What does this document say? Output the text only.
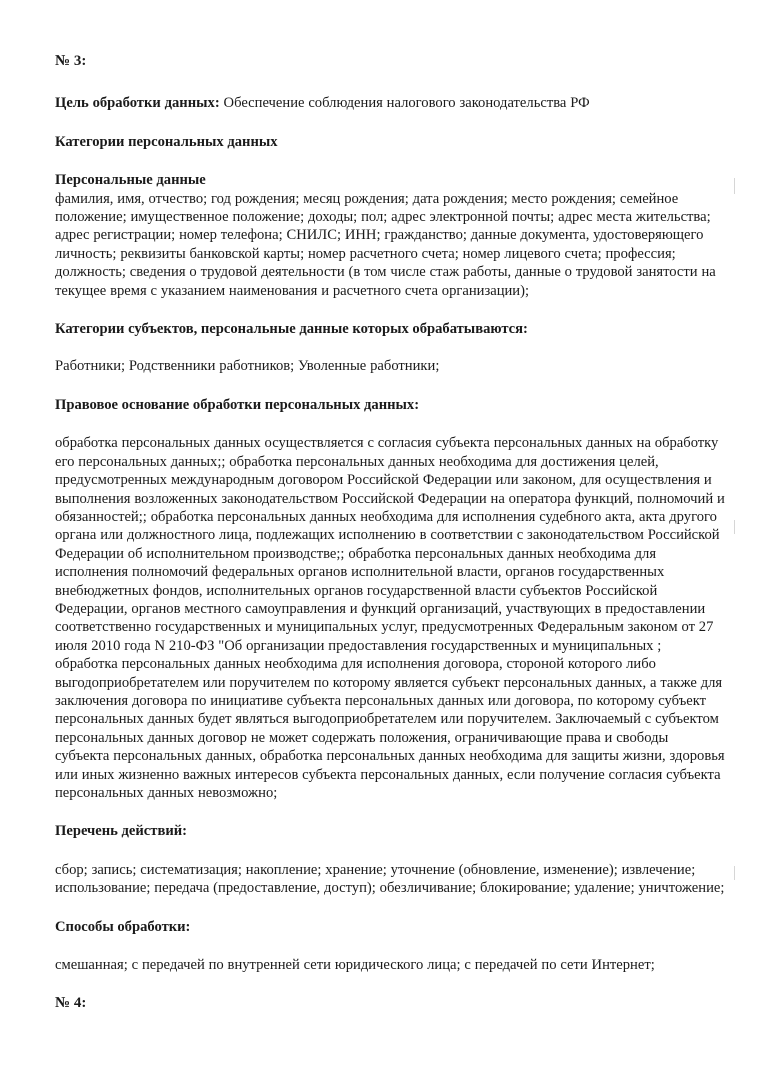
№ 3:

Цель обработки данных: Обеспечение соблюдения налогового законодательства РФ

Категории персональных данных

Персональные данные

фамилия, имя, отчество; год рождения; месяц рождения; дата рождения; место рождения; семейное положение; имущественное положение; доходы; пол; адрес электронной почты; адрес места жительства; адрес регистрации; номер телефона; СНИЛС; ИНН; гражданство; данные документа, удостоверяющего личность; реквизиты банковской карты; номер расчетного счета; номер лицевого счета; профессия; должность; сведения о трудовой деятельности (в том числе стаж работы, данные о трудовой занятости на текущее время с указанием наименования и расчетного счета организации);

Категории субъектов, персональные данные которых обрабатываются:

Работники; Родственники работников; Уволенные работники;

Правовое основание обработки персональных данных:

обработка персональных данных осуществляется с согласия субъекта персональных данных на обработку его персональных данных;; обработка персональных данных необходима для достижения целей, предусмотренных международным договором Российской Федерации или законом, для осуществления и выполнения возложенных законодательством Российской Федерации на оператора функций, полномочий и обязанностей;; обработка персональных данных необходима для исполнения судебного акта, акта другого органа или должностного лица, подлежащих исполнению в соответствии с законодательством Российской Федерации об исполнительном производстве;; обработка персональных данных необходима для исполнения полномочий федеральных органов исполнительной власти, органов государственных внебюджетных фондов, исполнительных органов государственной власти субъектов Российской Федерации, органов местного самоуправления и функций организаций, участвующих в предоставлении соответственно государственных и муниципальных услуг, предусмотренных Федеральным законом от 27 июля 2010 года N 210-ФЗ "Об организации предоставления государственных и муниципальных ; обработка персональных данных необходима для исполнения договора, стороной которого либо выгодоприобретателем или поручителем по которому является субъект персональных данных, а также для заключения договора по инициативе субъекта персональных данных или договора, по которому субъект персональных данных будет являться выгодоприобретателем или поручителем. Заключаемый с субъектом персональных данных договор не может содержать положения, ограничивающие права и свободы субъекта персональных данных, обработка персональных данных необходима для защиты жизни, здоровья или иных жизненно важных интересов субъекта персональных данных, если получение согласия субъекта персональных данных невозможно;

Перечень действий:

сбор; запись; систематизация; накопление; хранение; уточнение (обновление, изменение); извлечение; использование; передача (предоставление, доступ); обезличивание; блокирование; удаление; уничтожение;

Способы обработки:

смешанная; с передачей по внутренней сети юридического лица; с передачей по сети Интернет;

№ 4:
